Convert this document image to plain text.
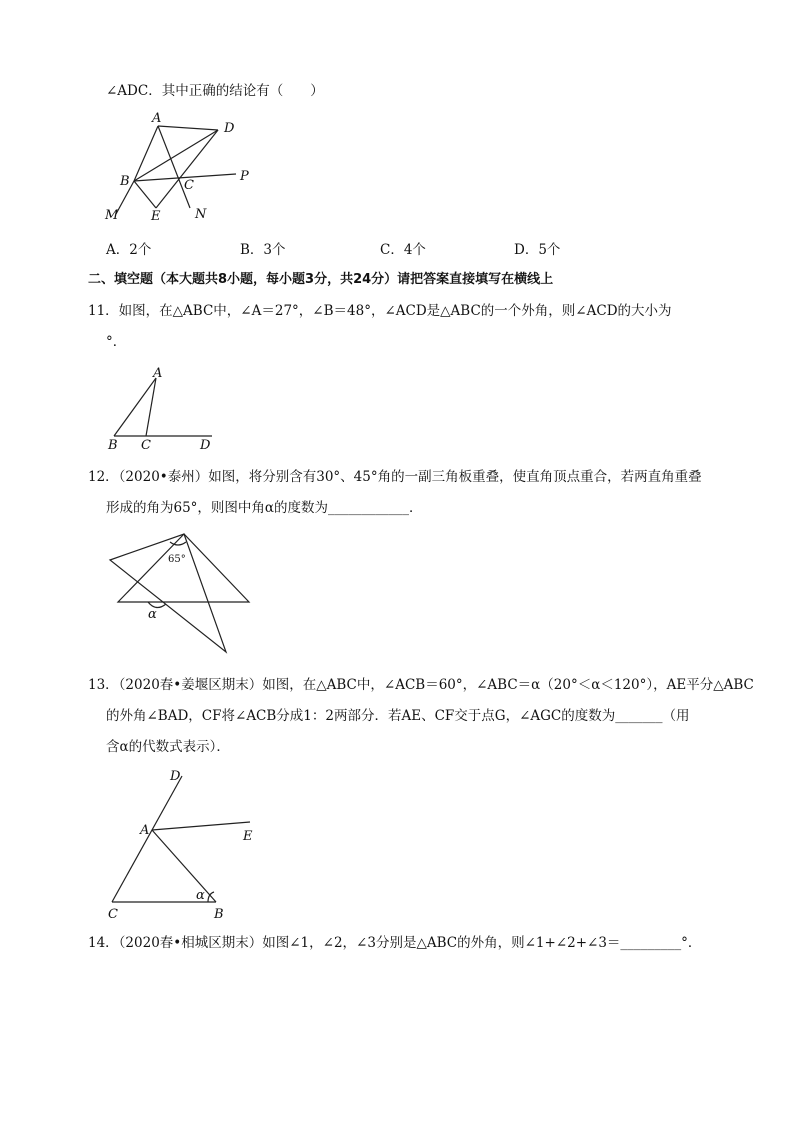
∠ADC．其中正确的结论有（　　）
A
D
B	C
P
M	E	N
A．2个	B．3个	C．4个	D．5个
二、填空题（本大题共8小题，每小题3分，共24分）请把答案直接填写在横线上
11．如图，在△ABC中，∠A＝27°，∠B＝48°，∠ACD是△ABC的一个外角，则∠ACD的大小为
°．
A
B C	D
12．（2020•泰州）如图，将分别含有30°、45°角的一副三角板重叠，使直角顶点重合，若两直角重叠
形成的角为65°，则图中角α的度数为____________．
65°
α
13．（2020春•姜堰区期末）如图，在△ABC中，∠ACB＝60°，∠ABC＝α（20°＜α＜120°），AE平分△ABC
的外角∠BAD，CF将∠ACB分成1：2两部分．若AE、CF交于点G，∠AGC的度数为_______（用
含α的代数式表示）．
D
A	E
C	B
α
14．（2020春•相城区期末）如图∠1，∠2，∠3分别是△ABC的外角，则∠1+∠2+∠3＝_________°．
